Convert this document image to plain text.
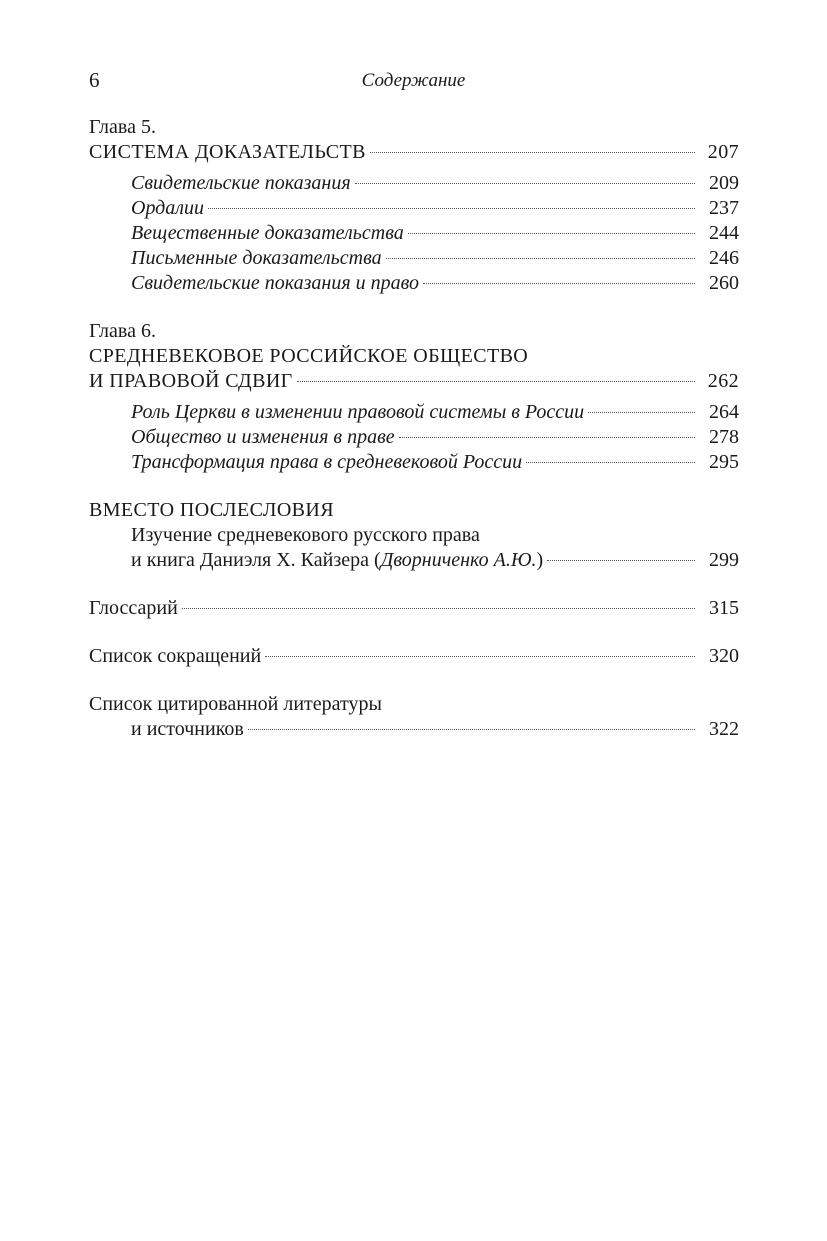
6	Содержание
Глава 5.
СИСТЕМА ДОКАЗАТЕЛЬСТВ	207
Свидетельские показания	209
Ордалии	237
Вещественные доказательства	244
Письменные доказательства	246
Свидетельские показания и право	260
Глава 6.
СРЕДНЕВЕКОВОЕ РОССИЙСКОЕ ОБЩЕСТВО
И ПРАВОВОЙ СДВИГ	262
Роль Церкви в изменении правовой системы в России	264
Общество и изменения в праве	278
Трансформация права в средневековой России	295
ВМЕСТО ПОСЛЕСЛОВИЯ
Изучение средневекового русского права
и книга Даниэля Х. Кайзера (Дворниченко А.Ю.)	299
Глоссарий	315
Список сокращений	320
Список цитированной литературы
и источников	322
